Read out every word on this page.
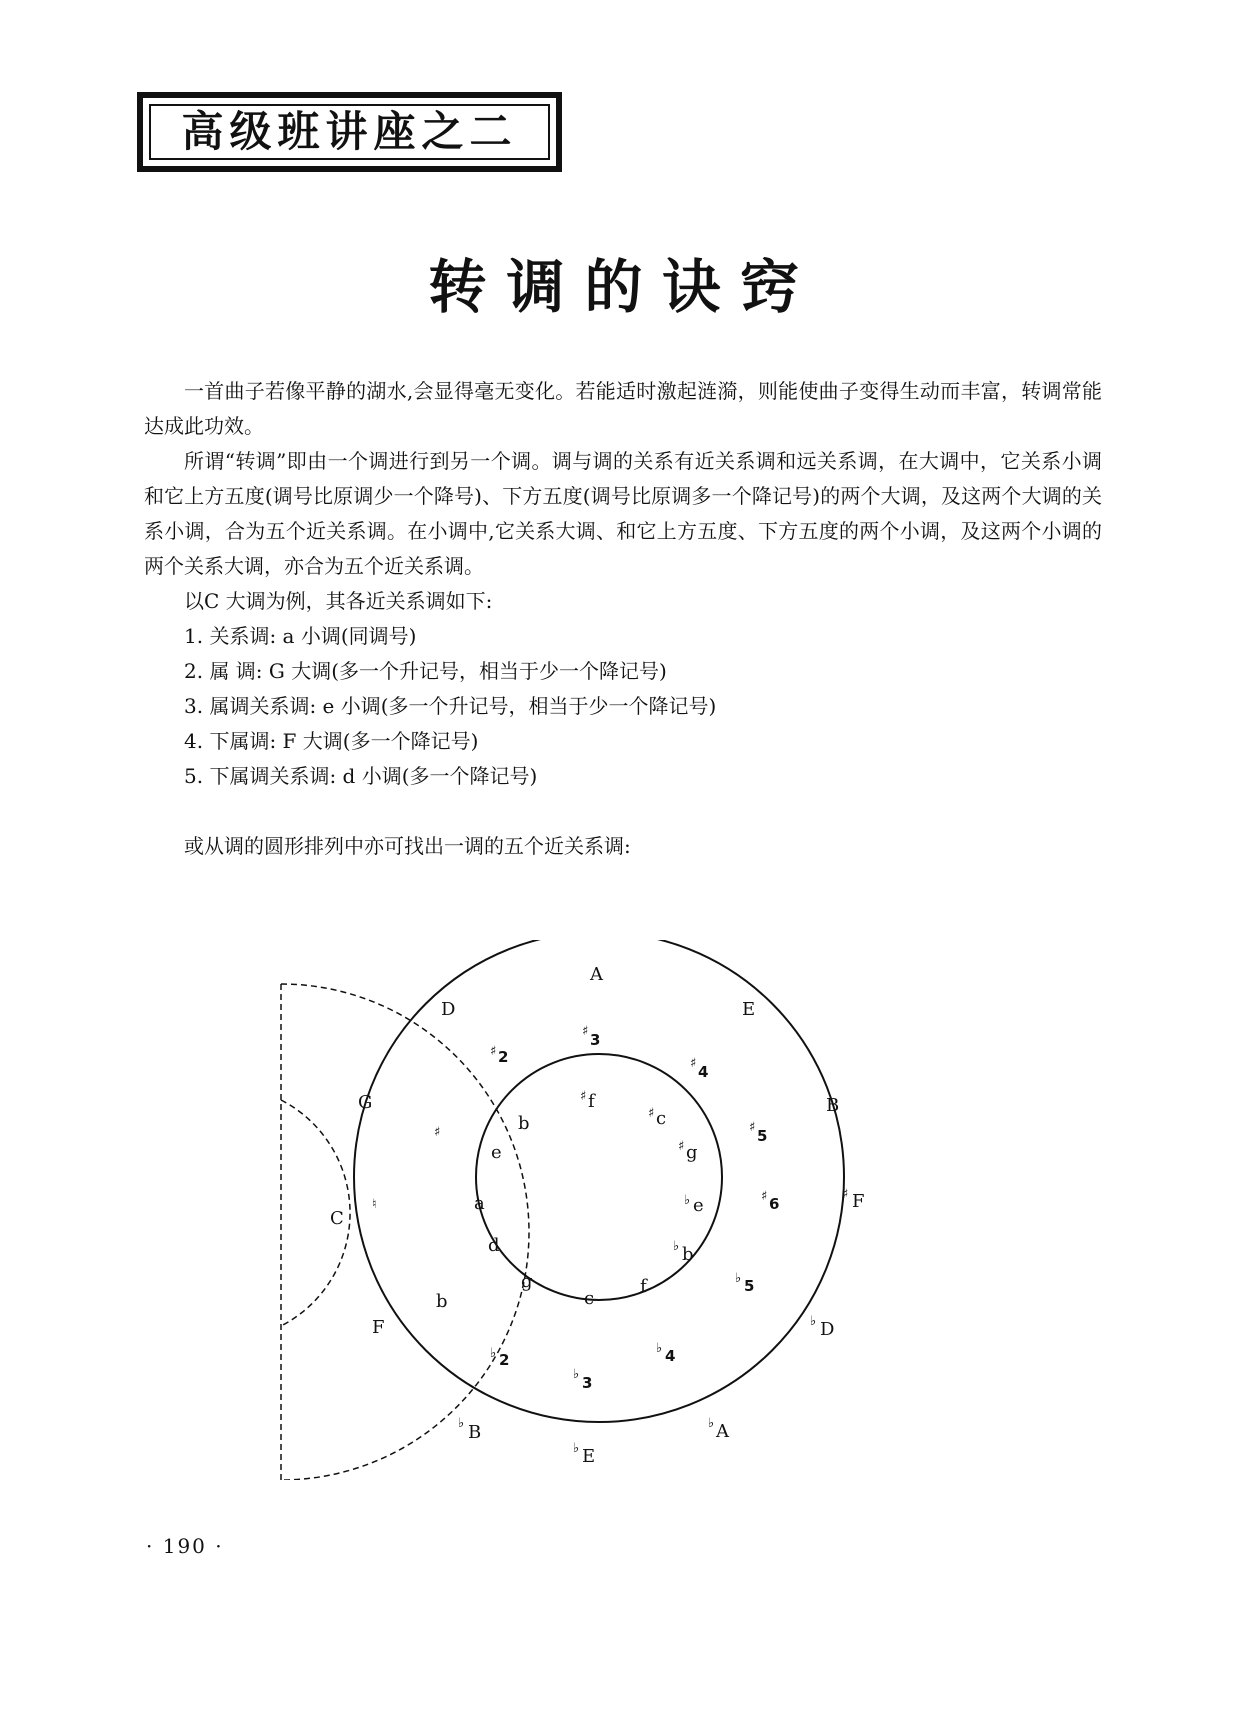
高级班讲座之二
转调的诀窍

一首曲子若像平静的湖水,会显得毫无变化。若能适时激起涟漪，则能使曲子变得生动而丰富，转调常能达成此功效。

所谓“转调”即由一个调进行到另一个调。调与调的关系有近关系调和远关系调，在大调中，它关系小调和它上方五度(调号比原调少一个降号)、下方五度(调号比原调多一个降记号)的两个大调，及这两个大调的关系小调，合为五个近关系调。在小调中,它关系大调、和它上方五度、下方五度的两个小调，及这两个小调的两个关系大调，亦合为五个近关系调。

以C 大调为例，其各近关系调如下:

1. 关系调: a 小调(同调号)

2. 属 调: G 大调(多一个升记号，相当于少一个降记号)

3. 属调关系调: e 小调(多一个升记号，相当于少一个降记号)

4. 下属调: F 大调(多一个降记号)

5. 下属调关系调: d 小调(多一个降记号)

或从调的圆形排列中亦可找出一调的五个近关系调:

A
E
B
♯ F
♭ D
♭ A
♭ E
♭ B
F
C
G
D
♮
♯
♯ 2
♯ 3
♯ 4
♯ 5
♯ 6
b
♭ 2
♭ 3
♭ 4
♭ 5
a
e
b
♯ f
♯ c
♯ g
♭ e
♭ b
f
c
g
d
· 190 ·
